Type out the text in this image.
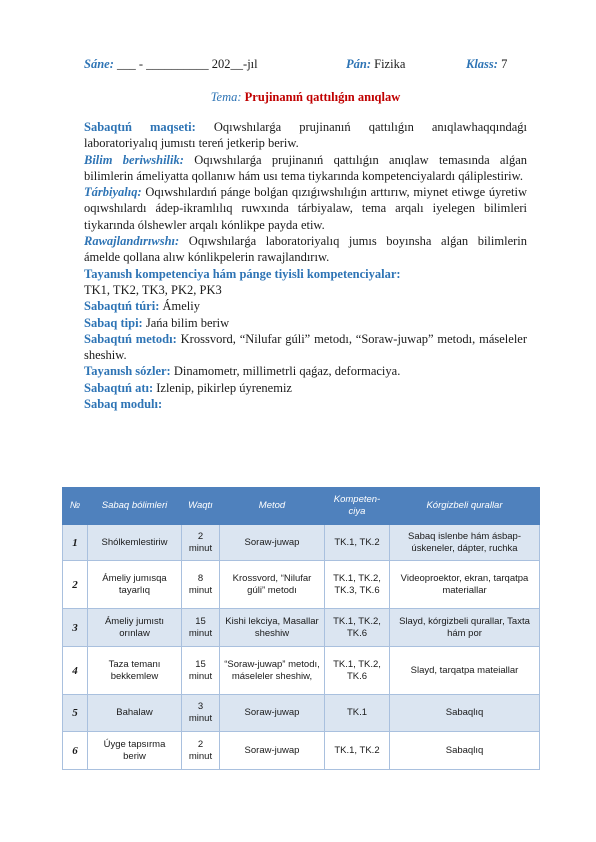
Sáne: ___ - __________ 202__-jıl	Pán: Fizika	Klass: 7
Tema: Prujinanıń qattılıǵın anıqlaw

Sabaqtıń maqseti: Oqıwshılarǵa prujinanıń qattılıǵın anıqlawhaqqındaǵı laboratoriyalıq jumıstı tereń jetkerip beriw.

Bilim beriwshilik: Oqıwshılarǵa prujinanıń qattılıǵın anıqlaw temasında alǵan bilimlerin ámeliyatta qollanıw hám usı tema tiykarında kompetenciyalardı qáliplestiriw.

Tárbiyalıq: Oqıwshılardıń pánge bolǵan qızıǵıwshılıǵın arttırıw, miynet etiwge úyretiw oqıwshılardı ádep-ikramlılıq ruwxında tárbiyalaw, tema arqalı iyelegen bilimleri tiykarında ólshewler arqalı kónlikpe payda etiw.

Rawajlandırıwshı: Oqıwshılarǵa laboratoriyalıq jumıs boyınsha alǵan bilimlerin ámelde qollana alıw kónlikpelerin rawajlandırıw.

Tayanısh kompetenciya hám pánge tiyisli kompetenciyalar:

TK1, TK2, TK3, PK2, PK3

Sabaqtıń túri: Ámeliy

Sabaq tipi: Jańa bilim beriw

Sabaqtıń metodı: Krossvord, “Nilufar gúli” metodı, “Soraw-juwap” metodı, máseleler sheshiw.

Tayanısh sózler: Dinamometr, millimetrli qaǵaz, deformaciya.

Sabaqtıń atı: Izlenip, pikirlep úyrenemiz

Sabaq modulı:

№	Sabaq bólimleri	Waqtı	Metod	Kompeten-ciya	Kórgizbeli qurallar
1	Shólkemlestiriw	2 minut	Soraw-juwap	TK.1, TK.2	Sabaq islenbe hám ásbap-úskeneler, dápter, ruchka
2	Ámeliy jumısqa tayarlıq	8 minut	Krossvord, “Nilufar gúli” metodı	TK.1, TK.2, TK.3, TK.6	Videoproektor, ekran, tarqatpa materiallar
3	Ámeliy jumıstı orınlaw	15 minut	Kishi lekciya, Masallar sheshiw	TK.1, TK.2, TK.6	Slayd, kórgizbeli qurallar, Taxta hám por
4	Taza temanı bekkemlew	15 minut	“Soraw-juwap” metodı, máseleler sheshiw,	TK.1, TK.2, TK.6	Slayd, tarqatpa mateiallar
5	Bahalaw	3 minut	Soraw-juwap	TK.1	Sabaqlıq
6	Úyge tapsırma beriw	2 minut	Soraw-juwap	TK.1, TK.2	Sabaqlıq
